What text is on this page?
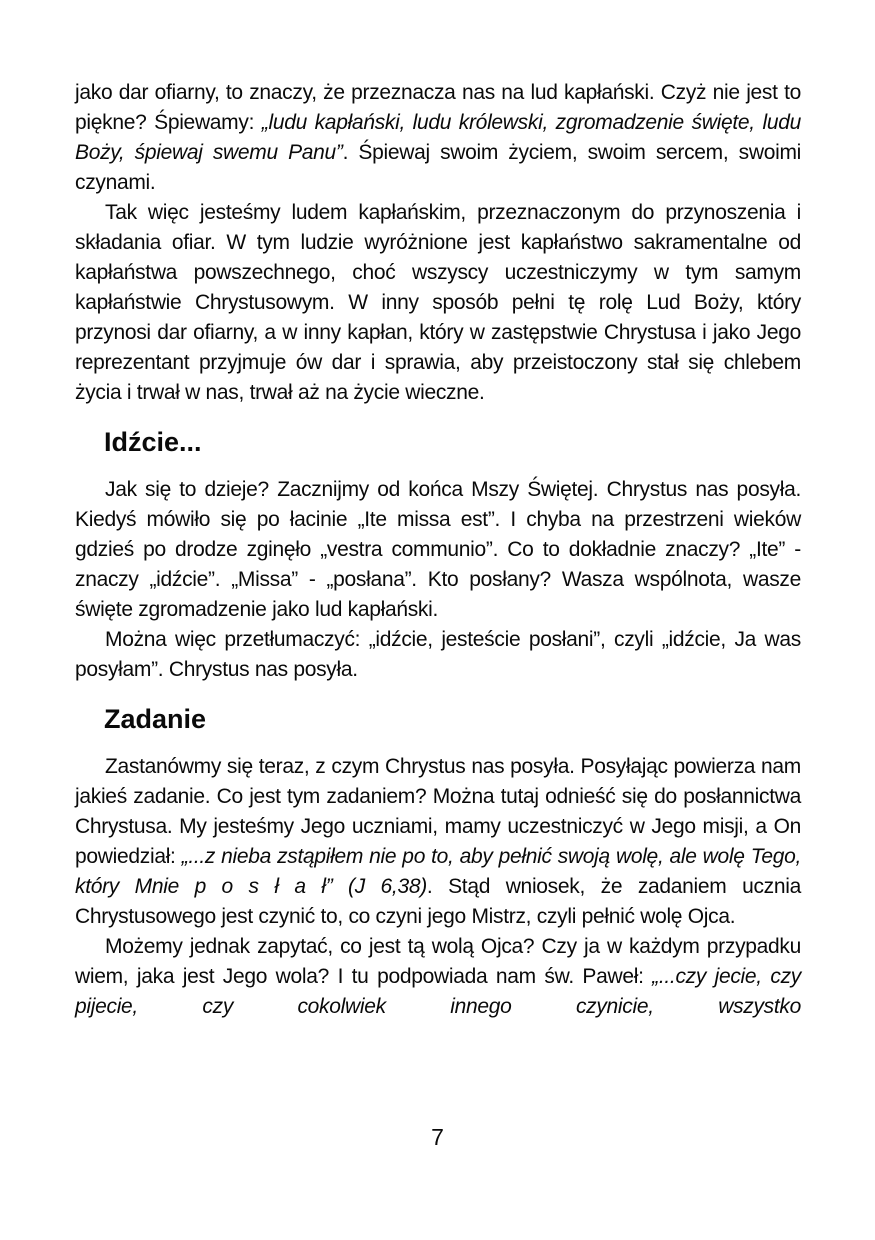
jako dar ofiarny, to znaczy, że przeznacza nas na lud kapłański. Czyż nie jest to piękne? Śpiewamy: „ludu kapłański, ludu królewski, zgromadzenie święte, ludu Boży, śpiewaj swemu Panu”. Śpiewaj swoim życiem, swoim sercem, swoimi czynami.

Tak więc jesteśmy ludem kapłańskim, przeznaczonym do przynoszenia i składania ofiar. W tym ludzie wyróżnione jest kapłaństwo sakramentalne od kapłaństwa powszechnego, choć wszyscy uczestniczymy w tym samym kapłaństwie Chrystusowym. W inny sposób pełni tę rolę Lud Boży, który przynosi dar ofiarny, a w inny kapłan, który w zastępstwie Chrystusa i jako Jego reprezentant przyjmuje ów dar i sprawia, aby przeistoczony stał się chlebem życia i trwał w nas, trwał aż na życie wieczne.

Idźcie...

Jak się to dzieje? Zacznijmy od końca Mszy Świętej. Chrystus nas posyła. Kiedyś mówiło się po łacinie „Ite missa est”. I chyba na przestrzeni wieków gdzieś po drodze zginęło „vestra communio”. Co to dokładnie znaczy? „Ite” - znaczy „idźcie”. „Missa” - „posłana”. Kto posłany? Wasza wspólnota, wasze święte zgromadzenie jako lud kapłański.

Można więc przetłumaczyć: „idźcie, jesteście posłani”, czyli „idźcie, Ja was posyłam”. Chrystus nas posyła.

Zadanie

Zastanówmy się teraz, z czym Chrystus nas posyła. Posyłając powierza nam jakieś zadanie. Co jest tym zadaniem? Można tutaj odnieść się do posłannictwa Chrystusa. My jesteśmy Jego uczniami, mamy uczestniczyć w Jego misji, a On powiedział: „...z nieba zstąpiłem nie po to, aby pełnić swoją wolę, ale wolę Tego, który Mnie p o s ł a ł” (J 6,38). Stąd wniosek, że zadaniem ucznia Chrystusowego jest czynić to, co czyni jego Mistrz, czyli pełnić wolę Ojca.

Możemy jednak zapytać, co jest tą wolą Ojca? Czy ja w każdym przypadku wiem, jaka jest Jego wola? I tu podpowiada nam św. Paweł: „...czy jecie, czy pijecie, czy cokolwiek innego czynicie, wszystko

7
